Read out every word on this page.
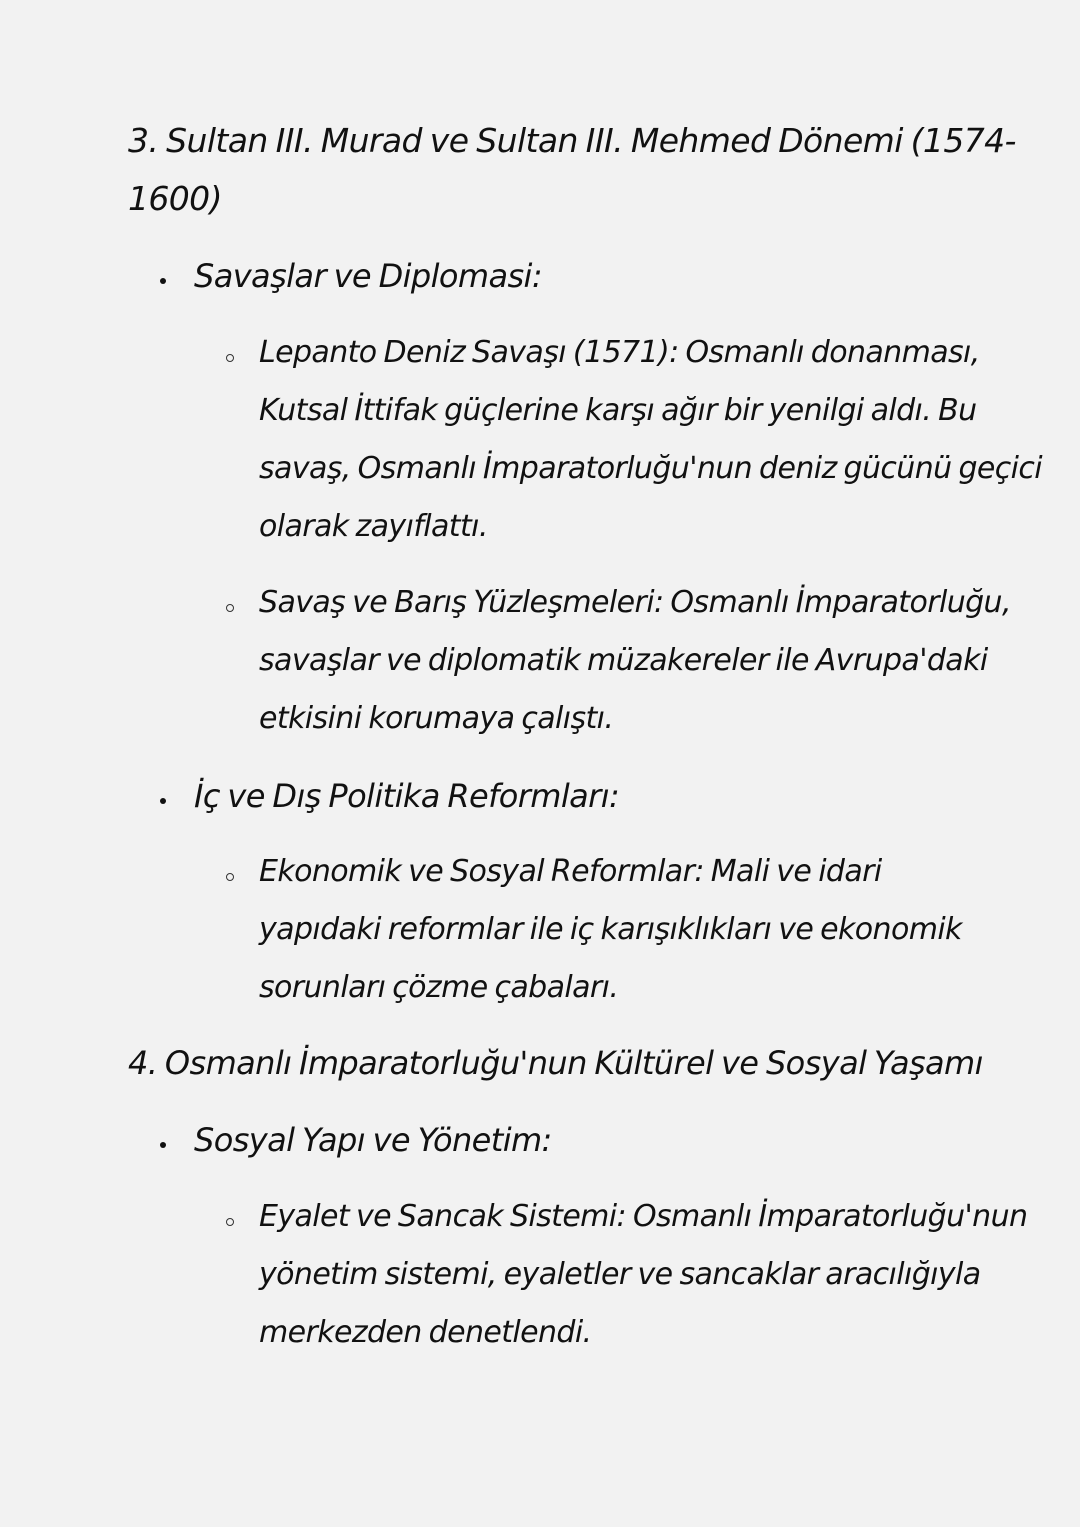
3. Sultan III. Murad ve Sultan III. Mehmed Dönemi (1574-
1600)
Savaşlar ve Diplomasi:
Lepanto Deniz Savaşı (1571): Osmanlı donanması,
Kutsal İttifak güçlerine karşı ağır bir yenilgi aldı. Bu
savaş, Osmanlı İmparatorluğu'nun deniz gücünü geçici
olarak zayıflattı.
Savaş ve Barış Yüzleşmeleri: Osmanlı İmparatorluğu,
savaşlar ve diplomatik müzakereler ile Avrupa'daki
etkisini korumaya çalıştı.
İç ve Dış Politika Reformları:
Ekonomik ve Sosyal Reformlar: Mali ve idari
yapıdaki reformlar ile iç karışıklıkları ve ekonomik
sorunları çözme çabaları.
4. Osmanlı İmparatorluğu'nun Kültürel ve Sosyal Yaşamı
Sosyal Yapı ve Yönetim:
Eyalet ve Sancak Sistemi: Osmanlı İmparatorluğu'nun
yönetim sistemi, eyaletler ve sancaklar aracılığıyla
merkezden denetlendi.
